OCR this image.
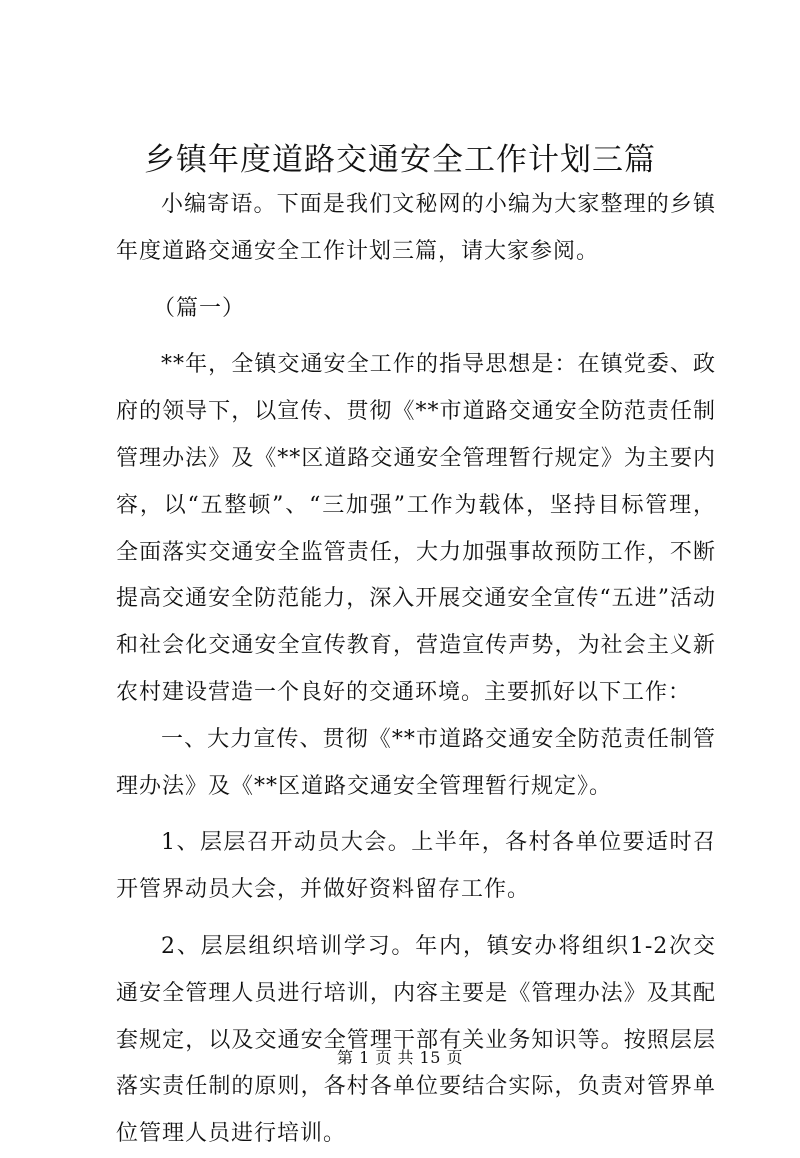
乡镇年度道路交通安全工作计划三篇

小编寄语。下面是我们文秘网的小编为大家整理的乡镇年度道路交通安全工作计划三篇，请大家参阅。

（篇一）

**年，全镇交通安全工作的指导思想是：在镇党委、政府的领导下，以宣传、贯彻《**市道路交通安全防范责任制管理办法》及《**区道路交通安全管理暂行规定》为主要内容，以“五整顿”、“三加强”工作为载体，坚持目标管理，全面落实交通安全监管责任，大力加强事故预防工作，不断提高交通安全防范能力，深入开展交通安全宣传“五进”活动和社会化交通安全宣传教育，营造宣传声势，为社会主义新农村建设营造一个良好的交通环境。主要抓好以下工作：

一、大力宣传、贯彻《**市道路交通安全防范责任制管理办法》及《**区道路交通安全管理暂行规定》。

1、层层召开动员大会。上半年，各村各单位要适时召开管界动员大会，并做好资料留存工作。

2、层层组织培训学习。年内，镇安办将组织1-2次交通安全管理人员进行培训，内容主要是《管理办法》及其配套规定，以及交通安全管理干部有关业务知识等。按照层层落实责任制的原则，各村各单位要结合实际，负责对管界单位管理人员进行培训。

第 1 页 共 15 页
